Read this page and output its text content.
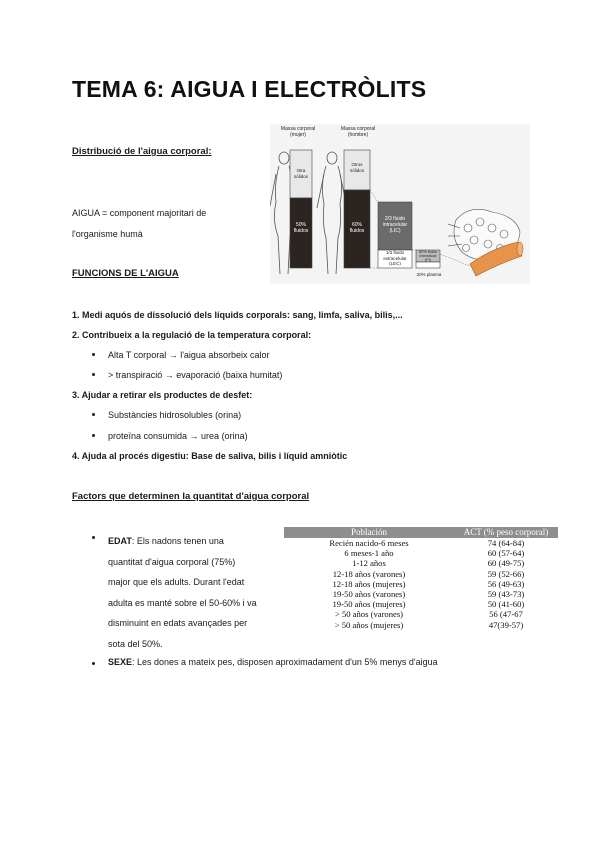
TEMA 6: AIGUA I ELECTRÒLITS
Distribució de l'aigua corporal:
AIGUA = component majoritari de
l'organisme humà
Massa corporal
(mujer)
Massa corporal
(hombre)
Otra
sólidos
50%
fluidos
Otros
sólidos
60%
fluidos
2/3 fluido
intracelular
(LIC)
1/3 fluido
extracelular
(LEC)
80% fluido
intersticial
(FI)
20% plasma
FUNCIONS DE L'AIGUA
1. Medi aquós de dissolució dels líquids corporals: sang, limfa, saliva, bilis,...
2. Contribueix a la regulació de la temperatura corporal:
Alta T corporal → l'aigua absorbeix calor
> transpiració → evaporació (baixa humitat)
3. Ajudar a retirar els productes de desfet:
Substàncies hidrosolubles (orina)
proteïna consumida → urea (orina)
4. Ajuda al procés digestiu: Base de saliva, bilis i líquid amniòtic
Factors que determinen la quantitat d'aigua corporal
EDAT: Els nadons tenen una
quantitat d'aigua corporal (75%)
major que els adults. Durant l'edat
adulta es manté sobre el 50-60% i va
disminuint en edats avançades per
sota del 50%.
Población	ACT (% peso corporal)
Recién nacido-6 meses	74 (64-84)
6 meses-1 año	60 (57-64)
1-12 años	60 (49-75)
12-18 años (varones)	59 (52-66)
12-18 años (mujeres)	56 (49-63)
19-50 años (varones)	59 (43-73)
19-50 años (mujeres)	50 (41-60)
> 50 años (varones)	56 (47-67
> 50 años (mujeres)	47(39-57)
SEXE: Les dones a mateix pes, disposen aproximadament d'un 5% menys d'aigua
